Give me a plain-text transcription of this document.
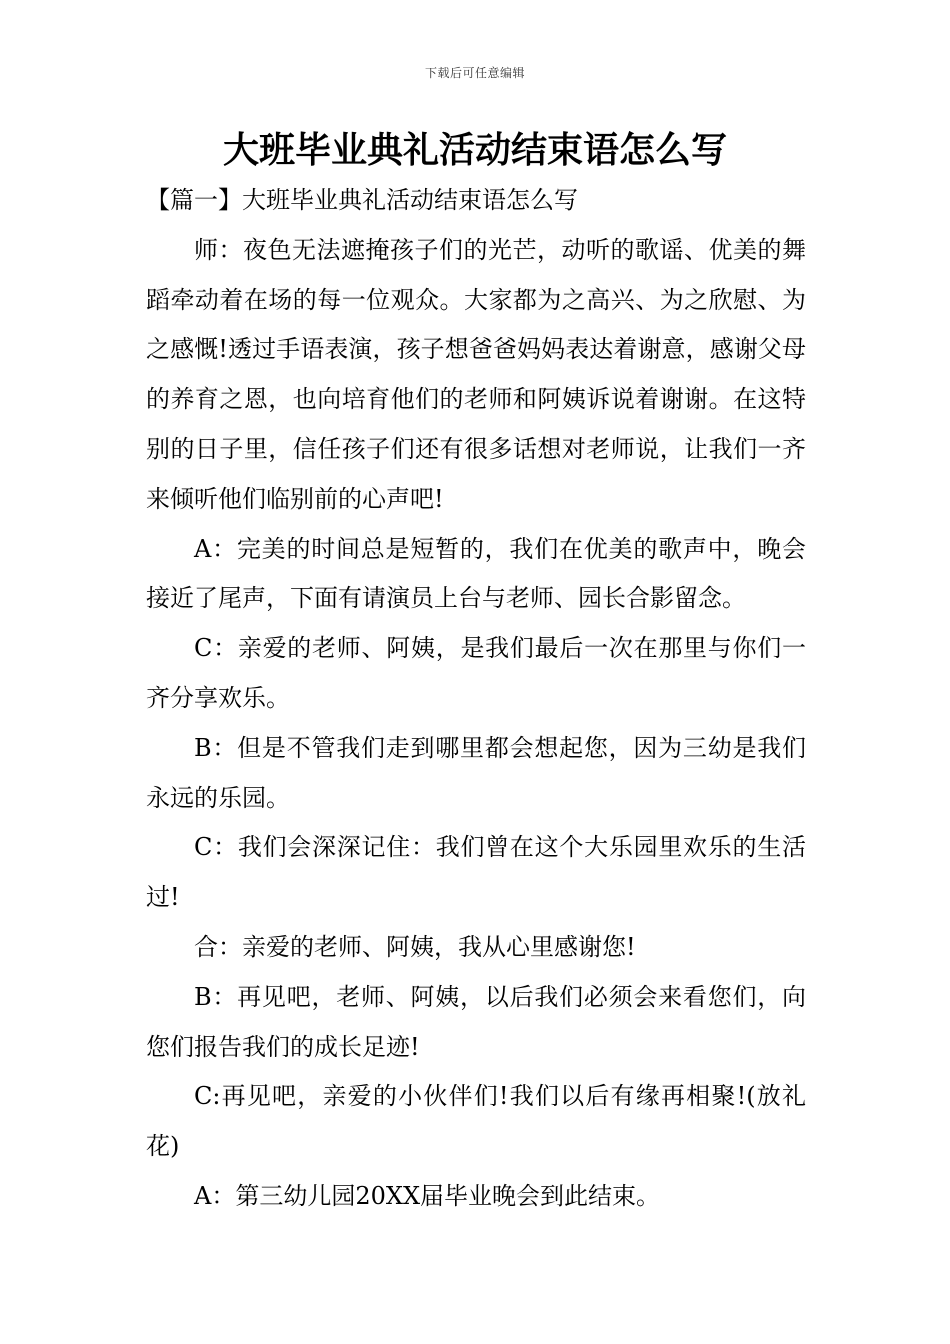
下载后可任意编辑
大班毕业典礼活动结束语怎么写

【篇一】大班毕业典礼活动结束语怎么写

师：夜色无法遮掩孩子们的光芒，动听的歌谣、优美的舞蹈牵动着在场的每一位观众。大家都为之高兴、为之欣慰、为之感慨!透过手语表演，孩子想爸爸妈妈表达着谢意，感谢父母的养育之恩，也向培育他们的老师和阿姨诉说着谢谢。在这特别的日子里，信任孩子们还有很多话想对老师说，让我们一齐来倾听他们临别前的心声吧!

A：完美的时间总是短暂的，我们在优美的歌声中，晚会接近了尾声，下面有请演员上台与老师、园长合影留念。

C：亲爱的老师、阿姨，是我们最后一次在那里与你们一齐分享欢乐。

B：但是不管我们走到哪里都会想起您，因为三幼是我们永远的乐园。

C：我们会深深记住：我们曾在这个大乐园里欢乐的生活过!

合：亲爱的老师、阿姨，我从心里感谢您!

B：再见吧，老师、阿姨，以后我们必须会来看您们，向您们报告我们的成长足迹!

C:再见吧，亲爱的小伙伴们!我们以后有缘再相聚!(放礼花)

A：第三幼儿园20XX届毕业晚会到此结束。
